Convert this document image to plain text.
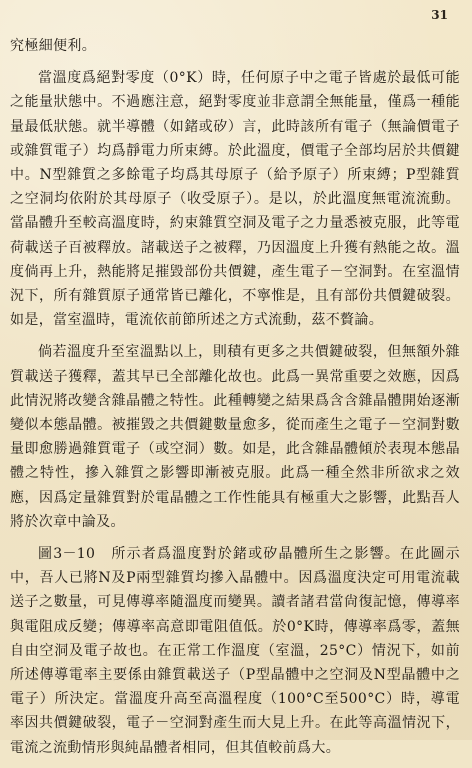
31

究極細便利。

當溫度爲絕對零度（0°K）時，任何原子中之電子皆處於最低可能之能量狀態中。不過應注意，絕對零度並非意謂全無能量，僅爲一種能量最低狀態。就半導體（如鍺或矽）言，此時該所有電子（無論價電子或雜質電子）均爲靜電力所束縛。於此溫度，價電子全部均居於共價鍵中。N型雜質之多餘電子均爲其母原子（給予原子）所束縛；P型雜質之空洞均依附於其母原子（收受原子）。是以，於此溫度無電流流動。當晶體升至較高溫度時，約束雜質空洞及電子之力量悉被克服，此等電荷載送子百被釋放。諸載送子之被釋，乃因溫度上升獲有熱能之故。溫度倘再上升，熱能將足摧毀部份共價鍵，產生電子－空洞對。在室溫情況下，所有雜質原子通常皆已離化，不寧惟是，且有部份共價鍵破裂。如是，當室溫時，電流依前節所述之方式流動，茲不贅論。

倘若溫度升至室溫點以上，則積有更多之共價鍵破裂，但無額外雜質載送子獲釋，蓋其早已全部離化故也。此爲一異常重要之效應，因爲此情況將改變含雜晶體之特性。此種轉變之結果爲含含雜晶體開始逐漸變似本態晶體。被摧毀之共價鍵數量愈多，從而產生之電子－空洞對數量即愈勝過雜質電子（或空洞）數。如是，此含雜晶體傾於表現本態晶體之特性，摻入雜質之影響即漸被克服。此爲一種全然非所欲求之效應，因爲定量雜質對於電晶體之工作性能具有極重大之影響，此點吾人將於次章中論及。

圖3－10　所示者爲溫度對於鍺或矽晶體所生之影響。在此圖示中，吾人已將N及P兩型雜質均摻入晶體中。因爲溫度決定可用電流載送子之數量，可見傳導率隨溫度而變異。讀者諸君當尙復記憶，傳導率與電阻成反變；傳導率高意即電阻值低。於0°K時，傳導率爲零，蓋無自由空洞及電子故也。在正常工作溫度（室溫，25°C）情況下，如前所述傳導電率主要係由雜質載送子（P型晶體中之空洞及N型晶體中之電子）所決定。當溫度升高至高溫程度（100°C至500°C）時，導電率因共價鍵破裂，電子－空洞對產生而大見上升。在此等高溫情況下，電流之流動情形與純晶體者相同，但其值較前爲大。
